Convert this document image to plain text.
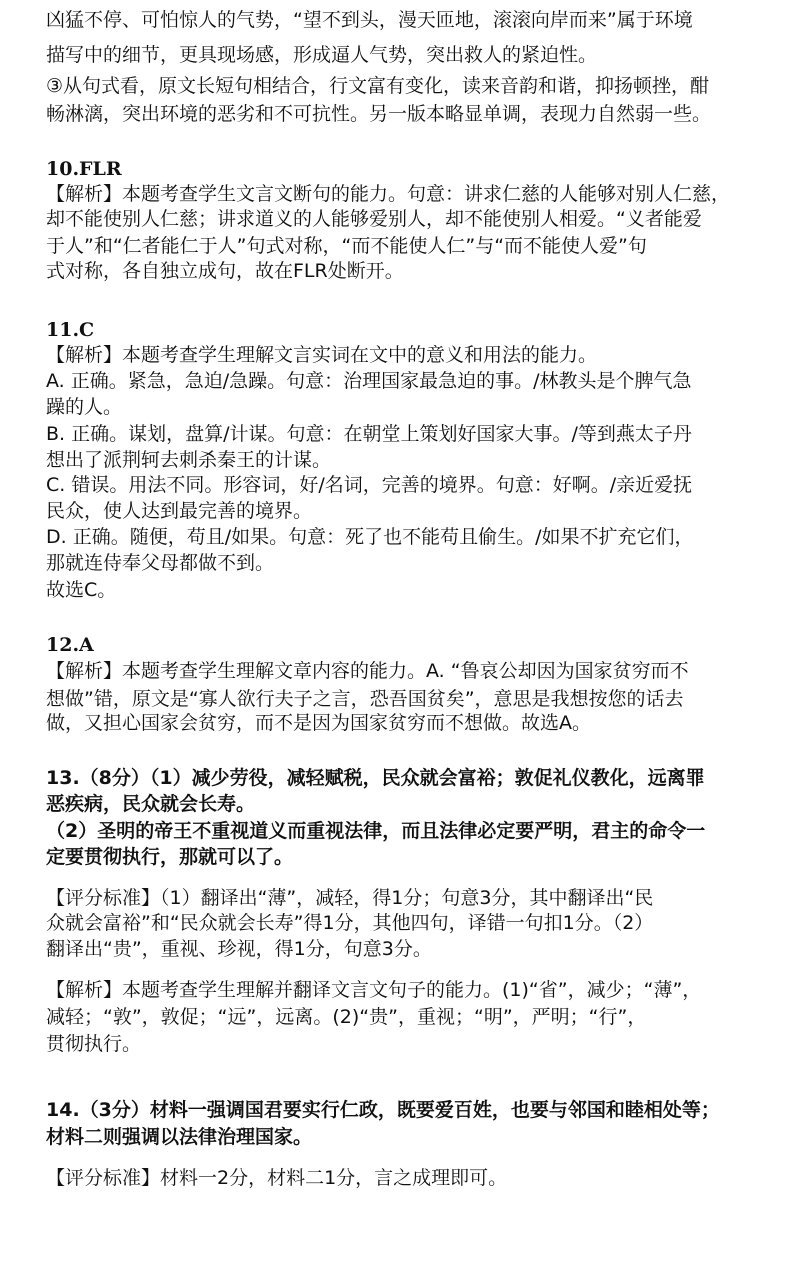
凶猛不停、可怕惊人的气势，“望不到头，漫天匝地，滚滚向岸而来”属于环境
描写中的细节，更具现场感，形成逼人气势，突出救人的紧迫性。
③从句式看，原文长短句相结合，行文富有变化，读来音韵和谐，抑扬顿挫，酣
畅淋漓，突出环境的恶劣和不可抗性。另一版本略显单调，表现力自然弱一些。
10.FLR
【解析】本题考查学生文言文断句的能力。句意：讲求仁慈的人能够对别人仁慈，
却不能使别人仁慈；讲求道义的人能够爱别人，却不能使别人相爱。“义者能爱
于人”和“仁者能仁于人”句式对称，“而不能使人仁”与“而不能使人爱”句
式对称，各自独立成句，故在FLR处断开。
11.C
【解析】本题考查学生理解文言实词在文中的意义和用法的能力。
A. 正确。紧急，急迫/急躁。句意：治理国家最急迫的事。/林教头是个脾气急
躁的人。
B. 正确。谋划，盘算/计谋。句意：在朝堂上策划好国家大事。/等到燕太子丹
想出了派荆轲去刺杀秦王的计谋。
C. 错误。用法不同。形容词，好/名词，完善的境界。句意：好啊。/亲近爱抚
民众，使人达到最完善的境界。
D. 正确。随便，苟且/如果。句意：死了也不能苟且偷生。/如果不扩充它们，
那就连侍奉父母都做不到。
故选C。
12.A
【解析】本题考查学生理解文章内容的能力。A. “鲁哀公却因为国家贫穷而不
想做”错，原文是“寡人欲行夫子之言，恐吾国贫矣”，意思是我想按您的话去
做，又担心国家会贫穷，而不是因为国家贫穷而不想做。故选A。
13.（8分）（1）减少劳役，减轻赋税，民众就会富裕；敦促礼仪教化，远离罪
恶疾病，民众就会长寿。
（2）圣明的帝王不重视道义而重视法律，而且法律必定要严明，君主的命令一
定要贯彻执行，那就可以了。
【评分标准】（1）翻译出“薄”，减轻，得1分；句意3分，其中翻译出“民
众就会富裕”和“民众就会长寿”得1分，其他四句，译错一句扣1分。（2）
翻译出“贵”，重视、珍视，得1分，句意3分。
【解析】本题考查学生理解并翻译文言文句子的能力。(1)“省”，减少；“薄”，
减轻；“敦”，敦促；“远”，远离。(2)“贵”，重视；“明”，严明；“行”，
贯彻执行。
14.（3分）材料一强调国君要实行仁政，既要爱百姓，也要与邻国和睦相处等；
材料二则强调以法律治理国家。
【评分标准】材料一2分，材料二1分，言之成理即可。
